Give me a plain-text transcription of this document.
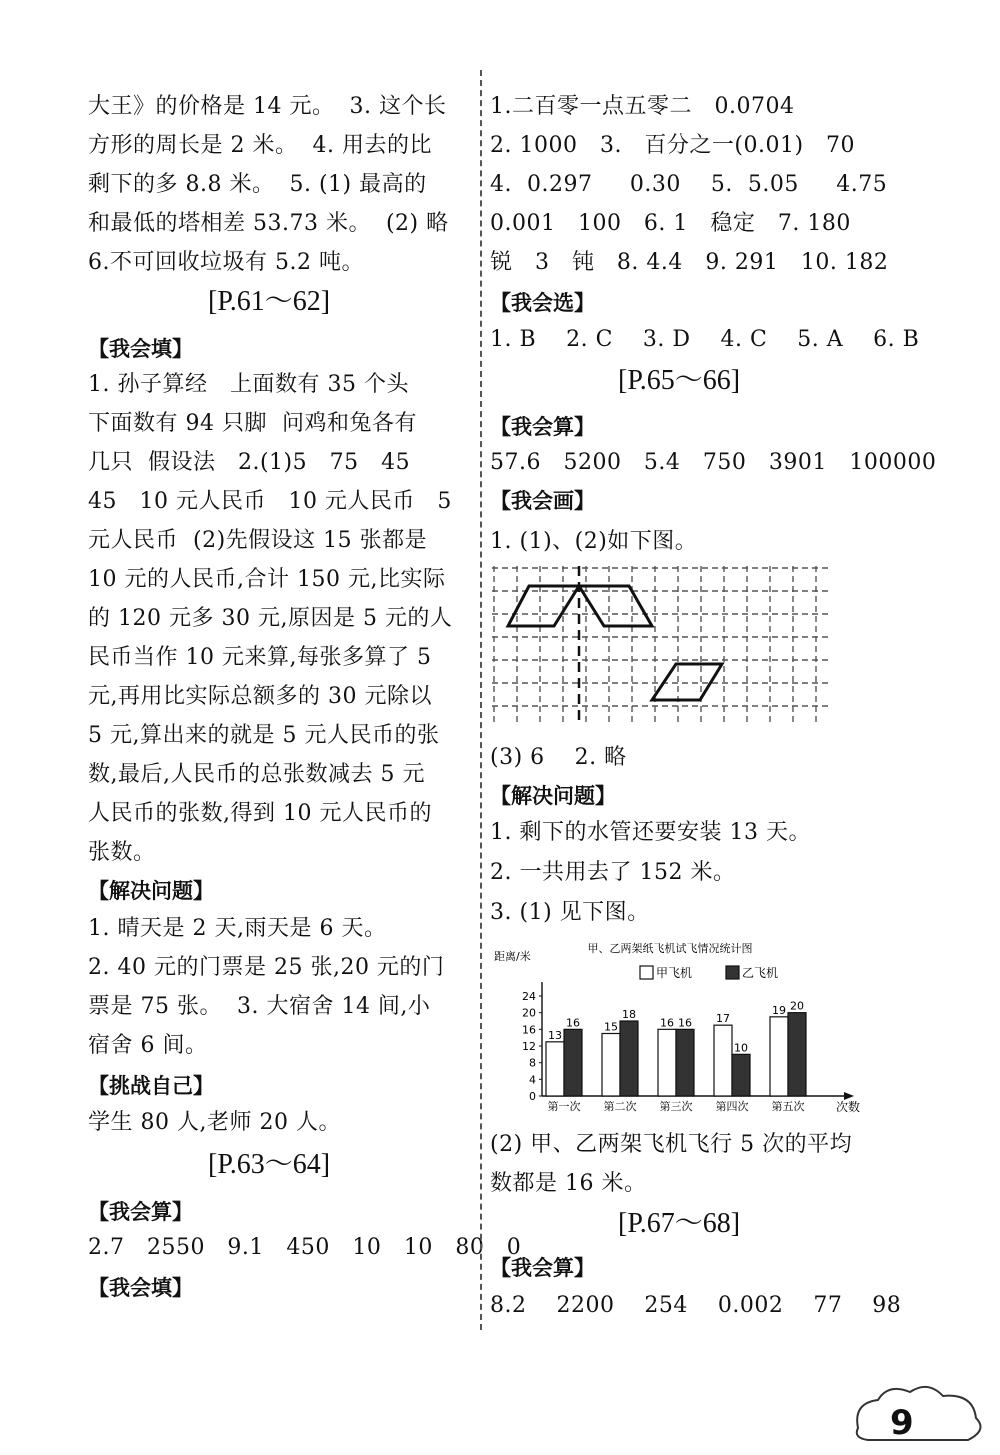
大王》的价格是 14 元。  3. 这个长
方形的周长是 2 米。  4. 用去的比
剩下的多 8.8 米。  5. (1) 最高的
和最低的塔相差 53.73 米。  (2) 略
6.不可回收垃圾有 5.2 吨。
[P.61～62]
【我会填】
1. 孙子算经   上面数有 35 个头
下面数有 94 只脚  问鸡和兔各有
几只  假设法   2.(1)5   75   45
45   10 元人民币   10 元人民币   5
元人民币  (2)先假设这 15 张都是
10 元的人民币,合计 150 元,比实际
的 120 元多 30 元,原因是 5 元的人
民币当作 10 元来算,每张多算了 5
元,再用比实际总额多的 30 元除以
5 元,算出来的就是 5 元人民币的张
数,最后,人民币的总张数减去 5 元
人民币的张数,得到 10 元人民币的
张数。
【解决问题】
1. 晴天是 2 天,雨天是 6 天。
2. 40 元的门票是 25 张,20 元的门
票是 75 张。  3. 大宿舍 14 间,小
宿舍 6 间。
【挑战自己】
学生 80 人,老师 20 人。
[P.63～64]
【我会算】
2.7   2550   9.1   450   10   10   80   0
【我会填】
1.二百零一点五零二   0.0704
2. 1000   3.   百分之一(0.01)   70
4.  0.297     0.30    5.  5.05     4.75
0.001   100   6. 1   稳定   7. 180
锐   3   钝   8. 4.4   9. 291   10. 182
【我会选】
1. B    2. C    3. D    4. C    5. A    6. B
[P.65～66]
【我会算】
57.6   5200   5.4   750   3901   100000
【我会画】
1. (1)、(2)如下图。
(3) 6    2. 略
【解决问题】
1. 剩下的水管还要安装 13 天。
2. 一共用去了 152 米。
3. (1) 见下图。
甲、乙两架纸飞机试飞情况统计图
距离/米
甲飞机	乙飞机
0
4
8
12
16
20
24
13
16
第一次
15
18
第二次
16 16
第三次
17
10
第四次
19 20
第五次	次数
(2) 甲、乙两架飞机飞行 5 次的平均
数都是 16 米。
[P.67～68]
【我会算】
8.2    2200    254    0.002    77    98
9
